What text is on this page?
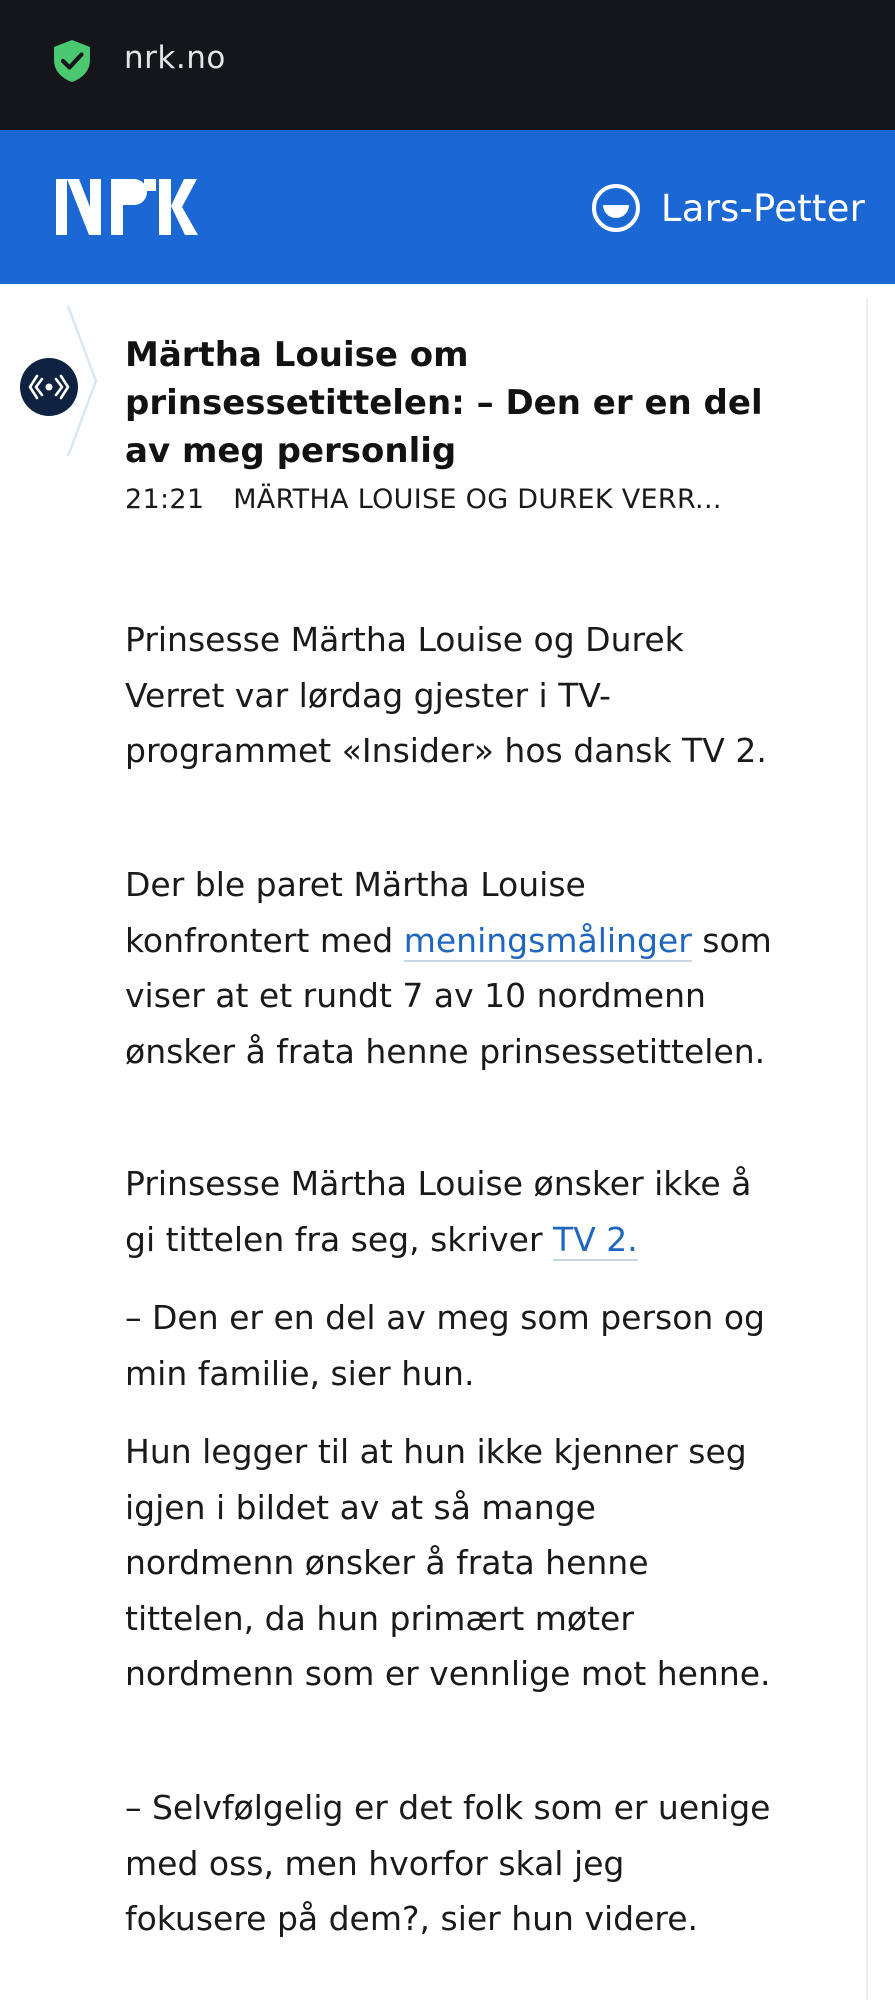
nrk.no
Lars-Petter
Märtha Louise om prinsessetittelen: – Den er en del av meg personlig
21:21 MÄRTHA LOUISE OG DUREK VERR...

Prinsesse Märtha Louise og Durek Verret var lørdag gjester i TV-programmet «Insider» hos dansk TV 2.

Der ble paret Märtha Louise konfrontert med meningsmålinger som viser at et rundt 7 av 10 nordmenn ønsker å frata henne prinsessetittelen.

Prinsesse Märtha Louise ønsker ikke å gi tittelen fra seg, skriver TV 2.

– Den er en del av meg som person og min familie, sier hun.

Hun legger til at hun ikke kjenner seg igjen i bildet av at så mange nordmenn ønsker å frata henne tittelen, da hun primært møter nordmenn som er vennlige mot henne.

– Selvfølgelig er det folk som er uenige med oss, men hvorfor skal jeg fokusere på dem?, sier hun videre.
